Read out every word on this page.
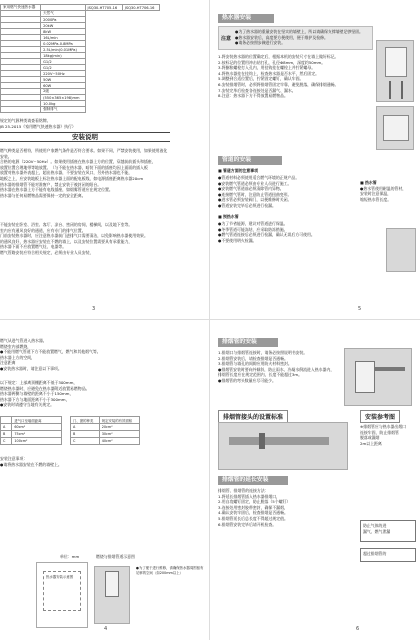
家用燃气快速热水器		JSQ30-HT705-16	JSQ30-HT706-16
	天然气		
	2000Pa		
	20kW		
	8kW		
	16L/min		
	0.02MPa-0.8MPa		
	2.5L/min(0.01MPa)		
	18kg(min)		
	G1/2		
	G1/2		
	220V~50Hz		
	50W		
	60W		
	2级		
	(550×365×198)mm		
	10.0kg		
	强制排气		
规定的气源种类请查看铭牌。
JB 25-2015《家用燃气快速热水器》执行）
安装说明
燃气种类是否相符，所使用户家燃气条件是否符合要求。如果不同，严禁安装使用，如果使用液化
安装。
合格的电源（220V~50Hz）。如果使用插座在热水器上方的位置，穿越前前插头和插座，
放置位置合理地带等地放置。（与不能在热水器，暗装下面的插座均因上面面的插入板
放置对热水器外表超上，超出热水器，不要安装在风口，另外热水器也不能，
地板之上，应安装地板上标注热水器上面的配电板线，如电源插座距离热水器20cm
热水器的排烟管不能对准窗户，禁止安装于被封闭的阳台。
热水器在热水器上方不能有电线插座，如烟雾管道应在规定位置。
热水器与任何易燃物品需要保持一定的安全距离。
不能安装在卧室、浴室、客厅、凉台、密闭的房间，楼梯间，以及地下室等。
室内应有通风良好的通道，应有专门的排气位置。
门前安装热水器时，应注意热水器前门进排气口需要清洁，以免影响热水器使用效果。
的通风良好，热水器应安装在不燃的墙上，以及安装位置需要具有承重能力，
热水器下面不应放置燃气灶、电器等。
燃气管路安装应符合相关规定，必须由专业人员安装，
3
热水器安装
注意
●为了热水器的重量安装在坚实的墙壁上，所以请确保支撑墙壁足够坚固。
●热水器安装后，高度要方便使用，便于维护及检修。
●请务必按照步骤进行安装。
1.将安装热水器的位置确定后，根据本机的安装尺寸在墙上做好标记。
2.按标记的位置用冲击钻打孔，孔径Φ8mm，深度约50mm。
3.将膨胀螺栓打入孔内，用挂钩挂在螺栓上并拧紧螺母。
4.将热水器挂在挂钩上，检查热水器是否水平，然后固定。
5.调整到合适位置后，拧紧固定螺钉，确认牢固。
6.安装排烟管时，必须将排烟管固定牢靠，避免脱落，确保排烟通畅。
7.安装完毕后检查各连接处是否漏气、漏水。
8.注意：热水器下方不得放置易燃物品。
管道的安装
■ 管道方面的注意事项
●管道材料必须使用适合燃气环境的正规产品。
●安装燃气管道必须由专业人员进行施工。
●安装燃气管道前必须清除管内异物。
●连接燃气管时，注意防止管道扭曲变形。
●进水管必须安装阀门，以便维修时关闭。
●管道安装完毕后必须进行检漏。
■ 热水管
●热水管使用耐温的管材，
安装时注意保温，
缩短热水管长度。
■ 预热水管
●为了节省能源，建议对管道进行保温。
●冬季管道可能冻结，应采取防冻措施。
●燃气管道连接后必须进行检漏，确认无误后方可使用。
●不要使用明火检漏。
5
燃气从进气管进入热水器。
燃烧室内部燃烧，
●不能用燃气管道下方不能放置燃气，燃气和其他烟气等。
热水器上方的空间，
注意距离
●安装热水器时，请注意以下事项。
以下规定：上部离顶棚距离不低于300mm，
燃烧热水器时，应避免在热水器附近放置易燃物品。
热水器两侧与墙壁的距离不小于150mm，
热水器下方与地面距离不小于300mm，
●安装时请遵守当地有关规定。
	进气口至墙面距离
A	60cm²
B	75cm²
C	100cm²
门、窗的种类	规定安装的有效面积
A	20cm²
B	30cm²
C	40cm²
安装注意事项：
●请将热水器安装在不燃的墙壁上。
单位：mm	燃烧与排烟管道示意图
热水器安装示意图
●为了便于进行维修，请确保热水器周围留有足够的空间（如200mm以上）
4
排烟管的安装
1.排烟口与排烟管连接时，请务必按照说明书安装。
2.排烟管安装后，请检查排烟是否通畅。
3.排烟管与墙孔的间隙应用防火材料密封。
●排烟管安装时要向外倾斜，防止雨水、冷凝水倒流进入热水器内，
排烟管长度应在规定范围内，长度不能超过3m。
●排烟管的弯头数量应尽可能少。
排烟管接头的设置标准	安装参考图
※排烟管应与热水器出烟口
连接牢固，防止排烟管
脱落或漏烟
2m以上距离
排烟管的延长安装
排烟管、排烟管的连接方法：
1.将延长排烟管插入热水器排烟口，
2.用自攻螺钉固定，防止脱落（5个螺钉）
3.连接处用密封胶带密封，确保不漏烟，
4.确认安装牢固后，检查排烟是否通畅。
5.排烟管延长后总长度不得超过规定值。
6.排烟管安装完毕后请开机检查。	防止气体的进
漏气、燃气泄漏
超过排烟管的
6
